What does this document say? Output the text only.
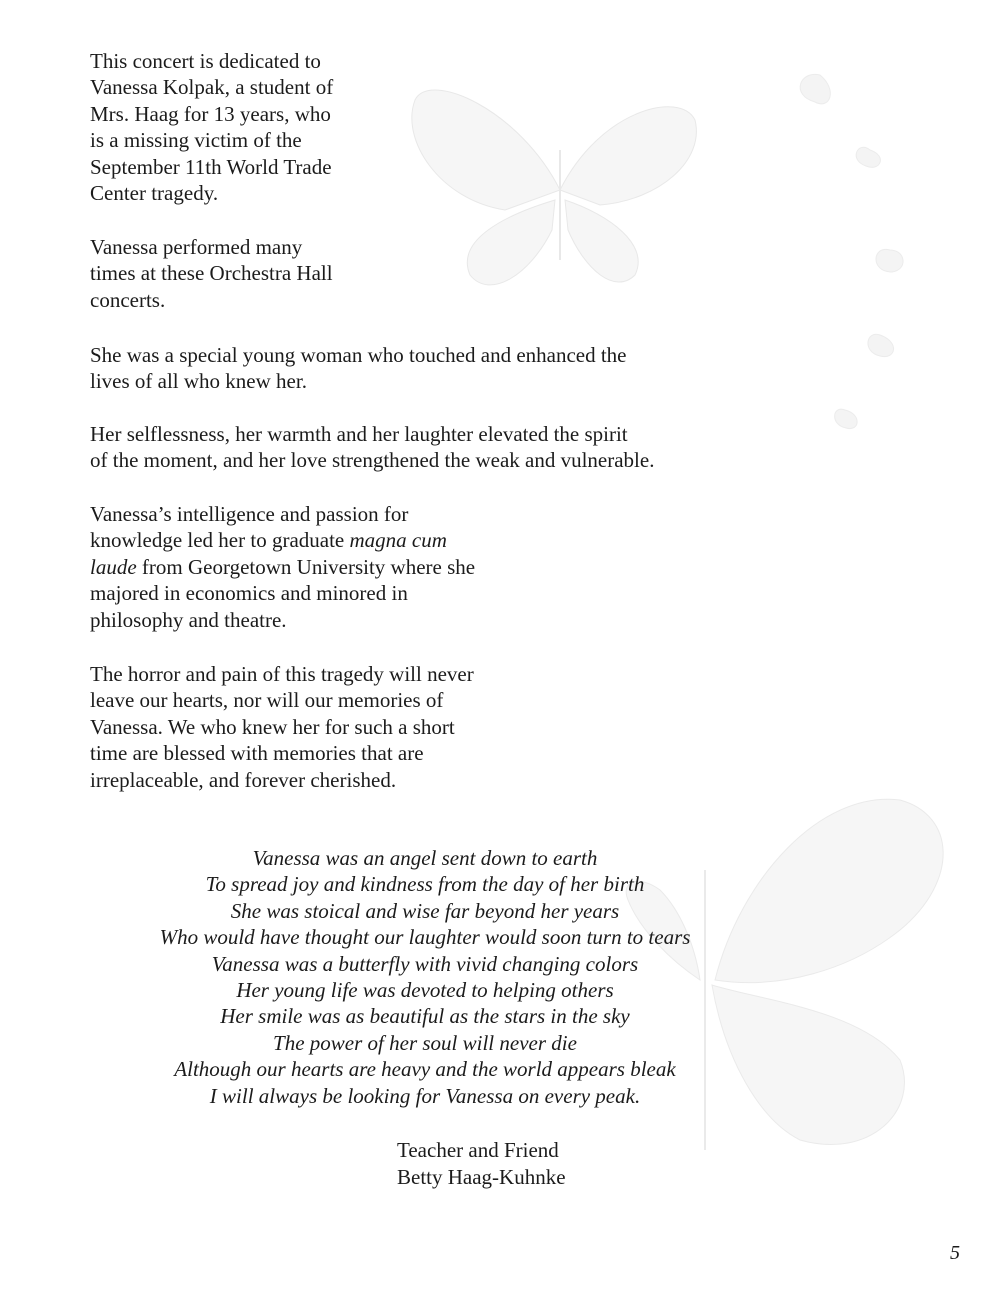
This concert is dedicated to
Vanessa Kolpak, a student of
Mrs. Haag for 13 years, who
is a missing victim of the
September 11th World Trade
Center tragedy.

Vanessa performed many
times at these Orchestra Hall
concerts.

She was a special young woman who touched and enhanced the
lives of all who knew her.

Her selflessness, her warmth and her laughter elevated the spirit
of the moment, and her love strengthened the weak and vulnerable.

Vanessa’s intelligence and passion for
knowledge led her to graduate magna cum
laude from Georgetown University where she
majored in economics and minored in
philosophy and theatre.

The horror and pain of this tragedy will never
leave our hearts, nor will our memories of
Vanessa. We who knew her for such a short
time are blessed with memories that are
irreplaceable, and forever cherished.

Vanessa was an angel sent down to earth
To spread joy and kindness from the day of her birth
She was stoical and wise far beyond her years
Who would have thought our laughter would soon turn to tears
Vanessa was a butterfly with vivid changing colors
Her young life was devoted to helping others
Her smile was as beautiful as the stars in the sky
The power of her soul will never die
Although our hearts are heavy and the world appears bleak
I will always be looking for Vanessa on every peak.
Teacher and Friend
Betty Haag-Kuhnke
5
